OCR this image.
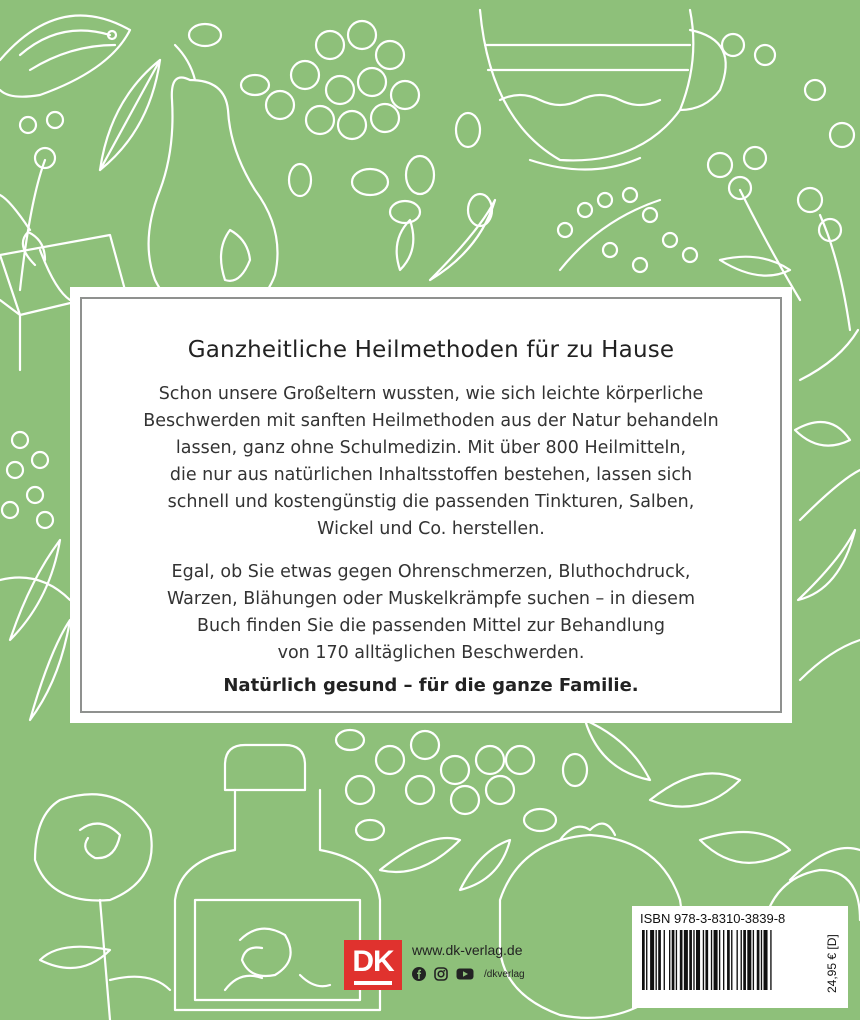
Ganzheitliche Heilmethoden für zu Hause

Schon unsere Großeltern wussten, wie sich leichte körperliche
Beschwerden mit sanften Heilmethoden aus der Natur behandeln
lassen, ganz ohne Schulmedizin. Mit über 800 Heilmitteln,
die nur aus natürlichen Inhaltsstoffen bestehen, lassen sich
schnell und kostengünstig die passenden Tinkturen, Salben,
Wickel und Co. herstellen.

Egal, ob Sie etwas gegen Ohrenschmerzen, Bluthochdruck,
Warzen, Blähungen oder Muskelkrämpfe suchen – in diesem
Buch finden Sie die passenden Mittel zur Behandlung
von 170 alltäglichen Beschwerden.

Natürlich gesund – für die ganze Familie.
DK	www.dk-verlag.de
/dkverlag
ISBN 978-3-8310-3839-8
24,95 € [D]
